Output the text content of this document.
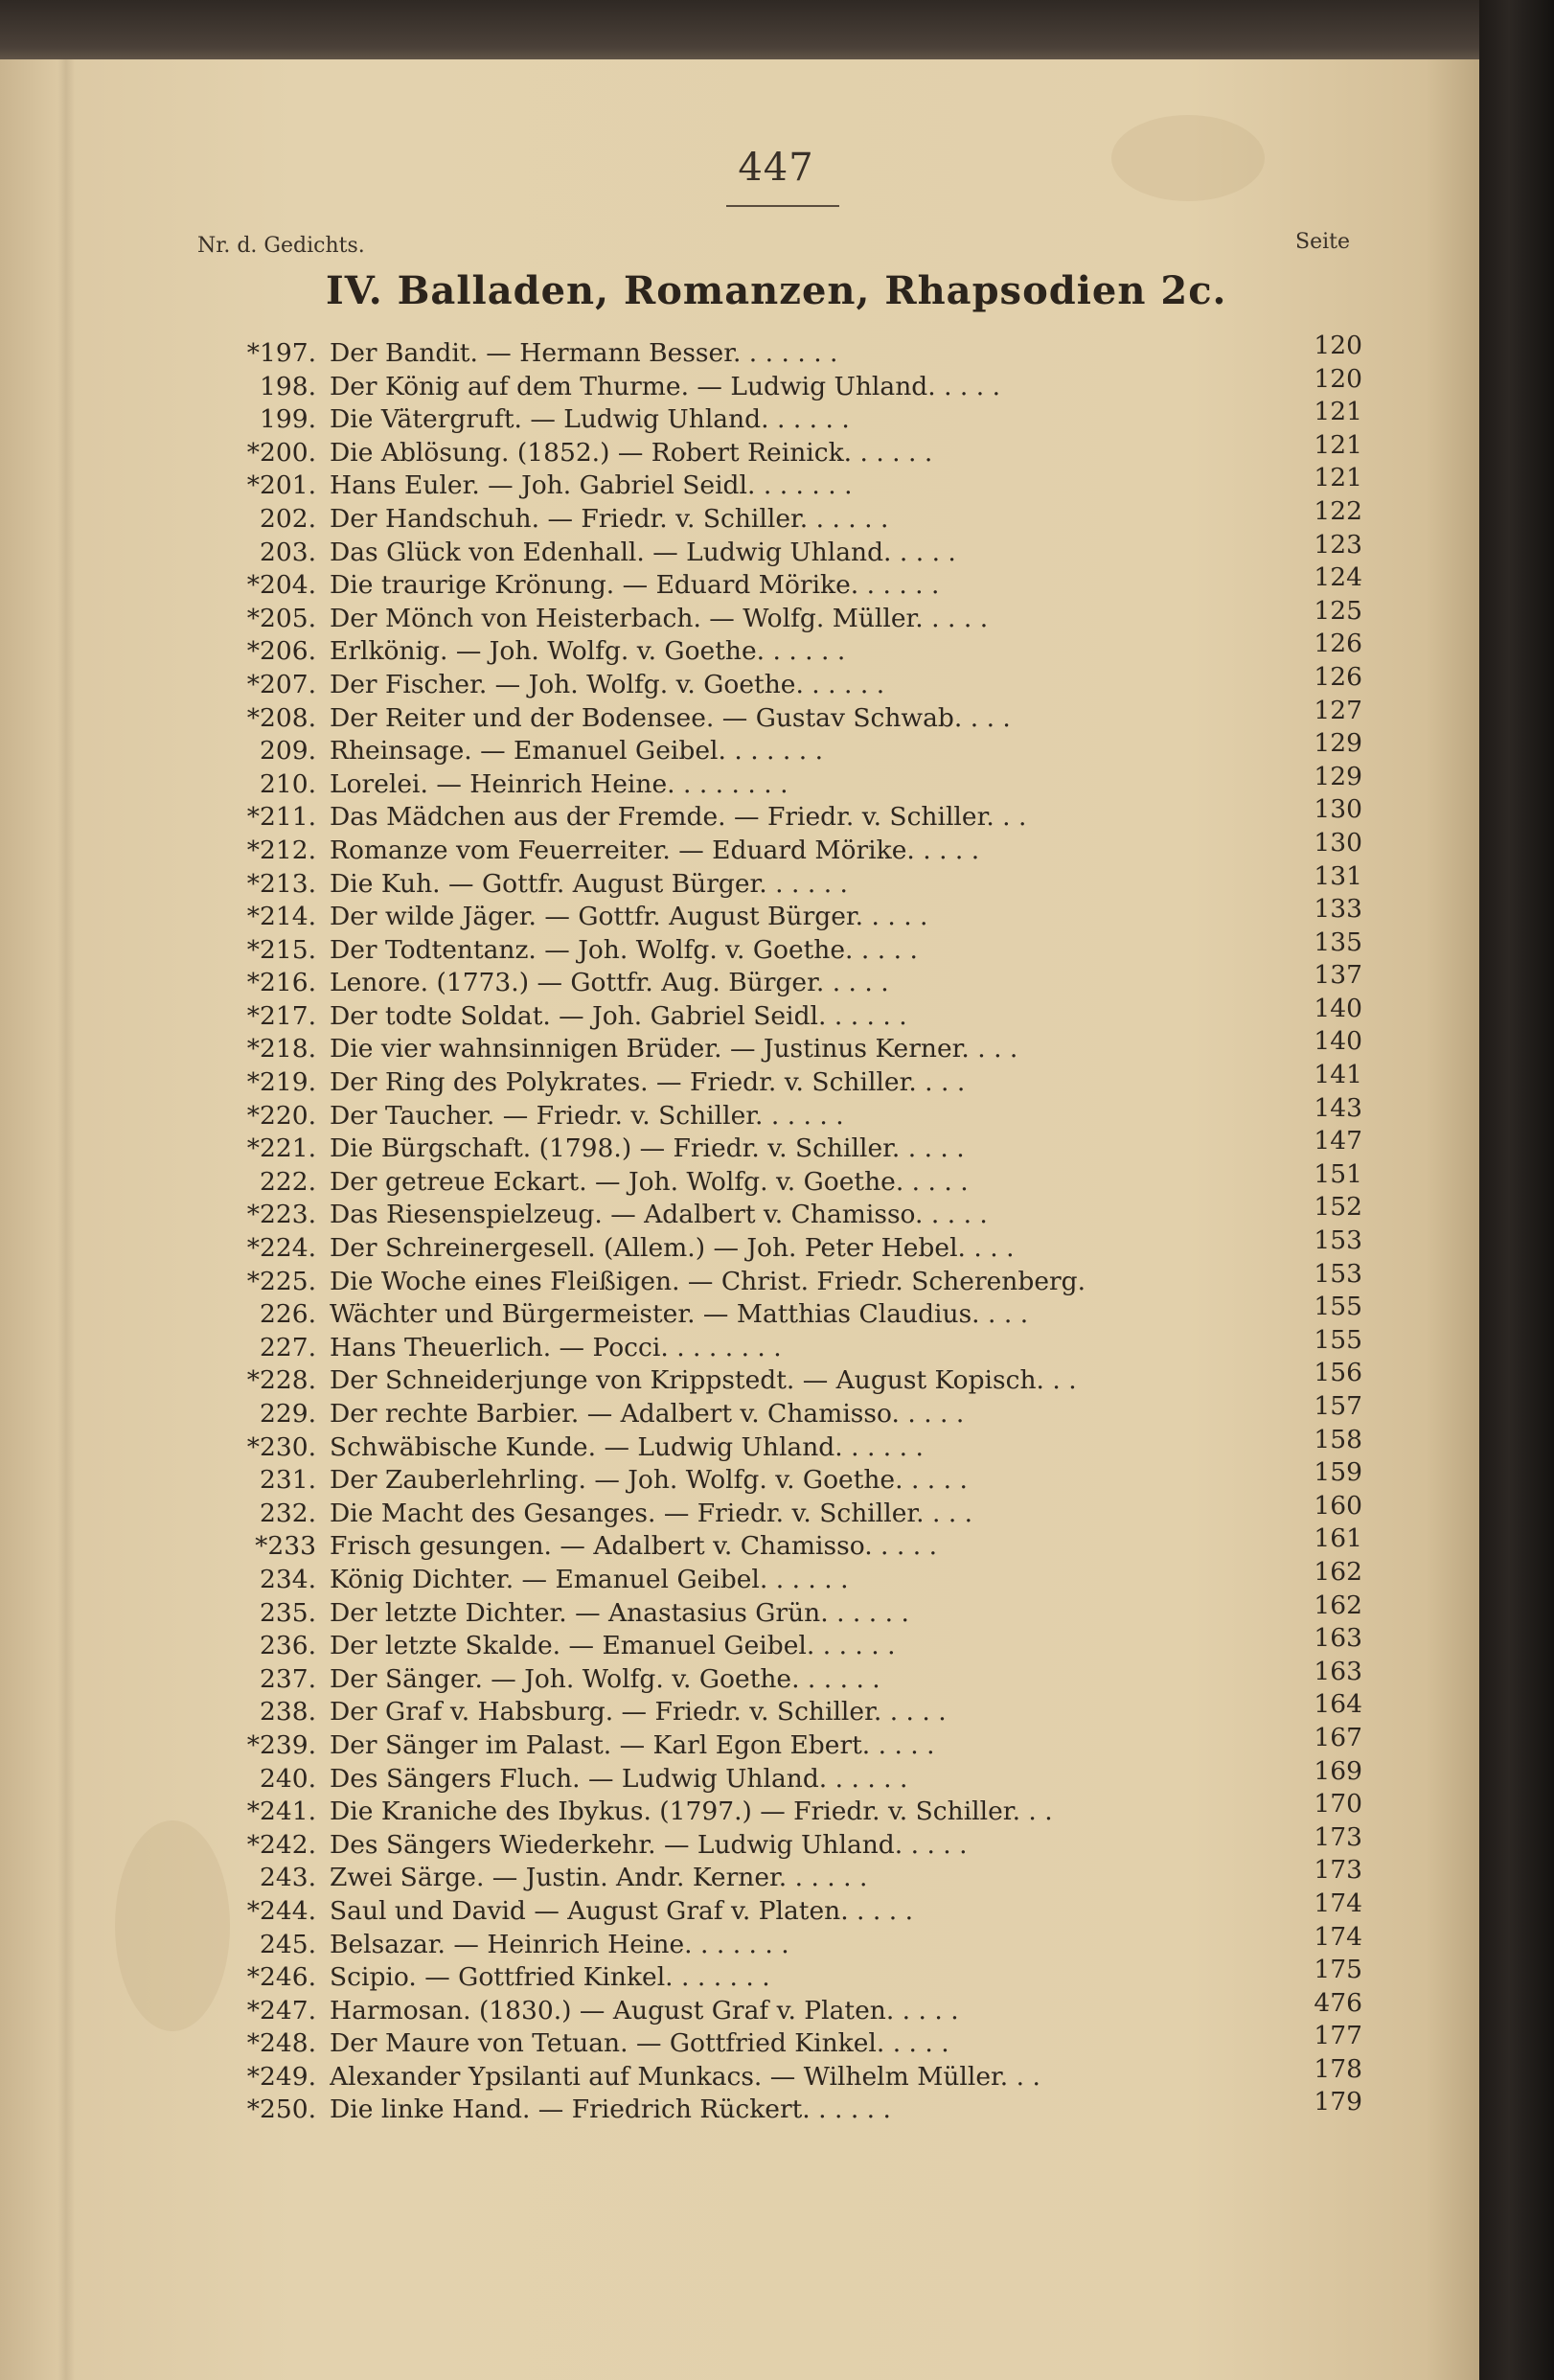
447
Nr. d. Gedichts.	Seite
IV. Balladen, Romanzen, Rhapsodien 2c.
*197. Der Bandit. — Hermann Besser. . . . . . .	120
198. Der König auf dem Thurme. — Ludwig Uhland. . . . .	120
199. Die Vätergruft. — Ludwig Uhland. . . . . .	121
*200. Die Ablösung. (1852.) — Robert Reinick. . . . . .	121
*201. Hans Euler. — Joh. Gabriel Seidl. . . . . . .	121
202. Der Handschuh. — Friedr. v. Schiller. . . . . .	122
203. Das Glück von Edenhall. — Ludwig Uhland. . . . .	123
*204. Die traurige Krönung. — Eduard Mörike. . . . . .	124
*205. Der Mönch von Heisterbach. — Wolfg. Müller. . . . .	125
*206. Erlkönig. — Joh. Wolfg. v. Goethe. . . . . .	126
*207. Der Fischer. — Joh. Wolfg. v. Goethe. . . . . .	126
*208. Der Reiter und der Bodensee. — Gustav Schwab. . . .	127
209. Rheinsage. — Emanuel Geibel. . . . . . .	129
210. Lorelei. — Heinrich Heine. . . . . . . .	129
*211. Das Mädchen aus der Fremde. — Friedr. v. Schiller. . .	130
*212. Romanze vom Feuerreiter. — Eduard Mörike. . . . .	130
*213. Die Kuh. — Gottfr. August Bürger. . . . . .	131
*214. Der wilde Jäger. — Gottfr. August Bürger. . . . .	133
*215. Der Todtentanz. — Joh. Wolfg. v. Goethe. . . . .	135
*216. Lenore. (1773.) — Gottfr. Aug. Bürger. . . . .	137
*217. Der todte Soldat. — Joh. Gabriel Seidl. . . . . .	140
*218. Die vier wahnsinnigen Brüder. — Justinus Kerner. . . .	140
*219. Der Ring des Polykrates. — Friedr. v. Schiller. . . .	141
*220. Der Taucher. — Friedr. v. Schiller. . . . . .	143
*221. Die Bürgschaft. (1798.) — Friedr. v. Schiller. . . . .	147
222. Der getreue Eckart. — Joh. Wolfg. v. Goethe. . . . .	151
*223. Das Riesenspielzeug. — Adalbert v. Chamisso. . . . .	152
*224. Der Schreinergesell. (Allem.) — Joh. Peter Hebel. . . .	153
*225. Die Woche eines Fleißigen. — Christ. Friedr. Scherenberg.	153
226. Wächter und Bürgermeister. — Matthias Claudius. . . .	155
227. Hans Theuerlich. — Pocci. . . . . . . .	155
*228. Der Schneiderjunge von Krippstedt. — August Kopisch. . .	156
229. Der rechte Barbier. — Adalbert v. Chamisso. . . . .	157
*230. Schwäbische Kunde. — Ludwig Uhland. . . . . .	158
231. Der Zauberlehrling. — Joh. Wolfg. v. Goethe. . . . .	159
232. Die Macht des Gesanges. — Friedr. v. Schiller. . . .	160
*233 Frisch gesungen. — Adalbert v. Chamisso. . . . .	161
234. König Dichter. — Emanuel Geibel. . . . . .	162
235. Der letzte Dichter. — Anastasius Grün. . . . . .	162
236. Der letzte Skalde. — Emanuel Geibel. . . . . .	163
237. Der Sänger. — Joh. Wolfg. v. Goethe. . . . . .	163
238. Der Graf v. Habsburg. — Friedr. v. Schiller. . . . .	164
*239. Der Sänger im Palast. — Karl Egon Ebert. . . . .	167
240. Des Sängers Fluch. — Ludwig Uhland. . . . . .	169
*241. Die Kraniche des Ibykus. (1797.) — Friedr. v. Schiller. . .	170
*242. Des Sängers Wiederkehr. — Ludwig Uhland. . . . .	173
243. Zwei Särge. — Justin. Andr. Kerner. . . . . .	173
*244. Saul und David — August Graf v. Platen. . . . .	174
245. Belsazar. — Heinrich Heine. . . . . . .	174
*246. Scipio. — Gottfried Kinkel. . . . . . .	175
*247. Harmosan. (1830.) — August Graf v. Platen. . . . .	476
*248. Der Maure von Tetuan. — Gottfried Kinkel. . . . .	177
*249. Alexander Ypsilanti auf Munkacs. — Wilhelm Müller. . .	178
*250. Die linke Hand. — Friedrich Rückert. . . . . .	179
